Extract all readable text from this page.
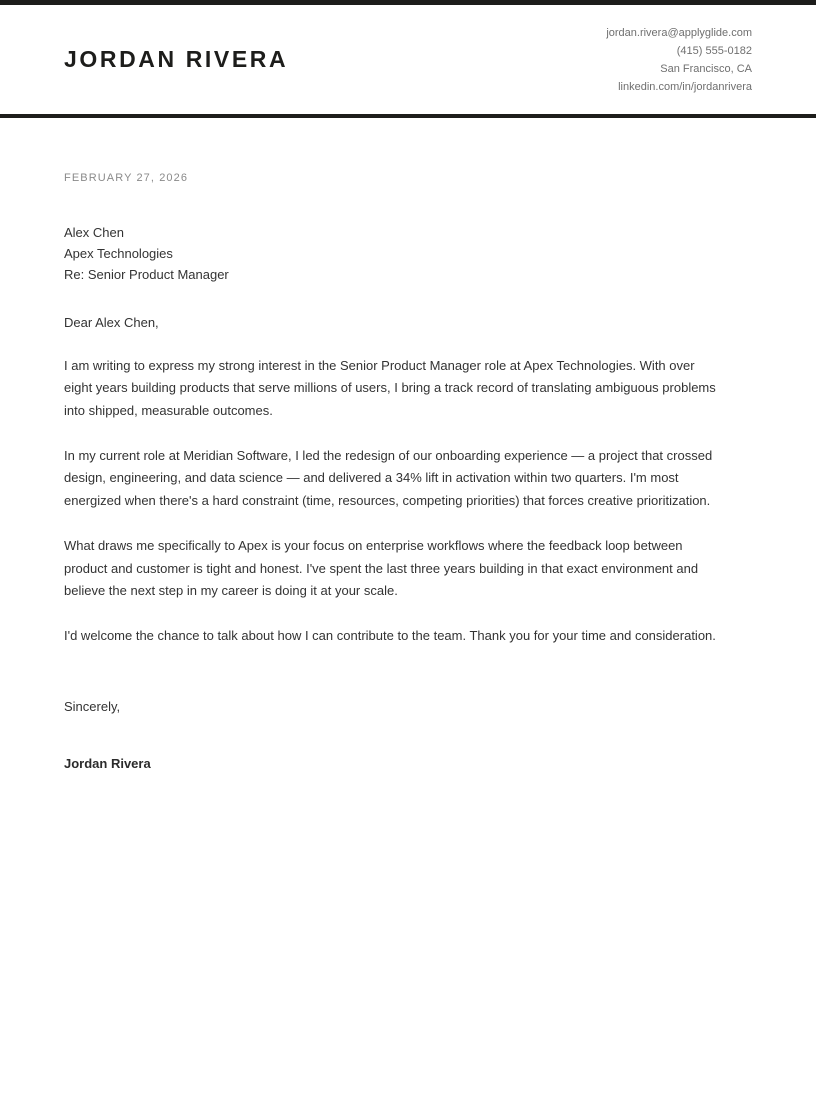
JORDAN RIVERA
jordan.rivera@applyglide.com
(415) 555-0182
San Francisco, CA
linkedin.com/in/jordanrivera
FEBRUARY 27, 2026
Alex Chen
Apex Technologies
Re: Senior Product Manager

Dear Alex Chen,

I am writing to express my strong interest in the Senior Product Manager role at Apex Technologies. With over eight years building products that serve millions of users, I bring a track record of translating ambiguous problems into shipped, measurable outcomes.

In my current role at Meridian Software, I led the redesign of our onboarding experience — a project that crossed design, engineering, and data science — and delivered a 34% lift in activation within two quarters. I'm most energized when there's a hard constraint (time, resources, competing priorities) that forces creative prioritization.

What draws me specifically to Apex is your focus on enterprise workflows where the feedback loop between product and customer is tight and honest. I've spent the last three years building in that exact environment and believe the next step in my career is doing it at your scale.

I'd welcome the chance to talk about how I can contribute to the team. Thank you for your time and consideration.

Sincerely,

Jordan Rivera
